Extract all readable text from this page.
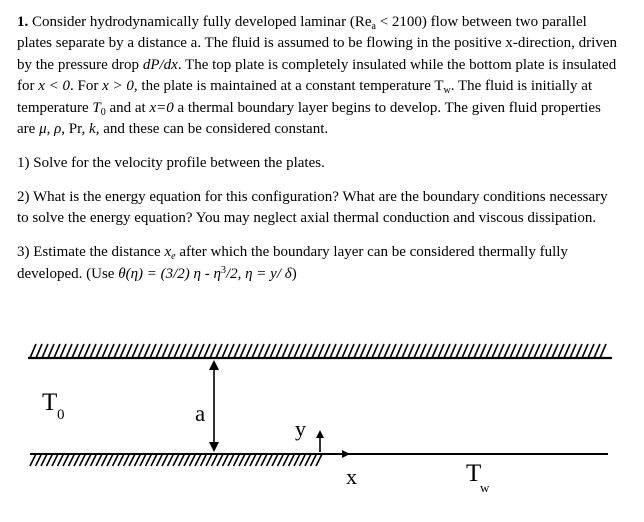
1. Consider hydrodynamically fully developed laminar $(Re_a < 2100)$ flow between two parallel plates separate by a distance a. The fluid is assumed to be flowing in the positive x-direction, driven by the pressure drop dP/dx. The top plate is completely insulated while the bottom plate is insulated for x < 0. For x > 0, the plate is maintained at a constant temperature $T_w$. The fluid is initially at temperature $T_0$ and at x=0 a thermal boundary layer begins to develop. The given fluid properties are μ, ρ, Pr, k, and these can be considered constant.

1) Solve for the velocity profile between the plates.

2) What is the energy equation for this configuration? What are the boundary conditions necessary to solve the energy equation? You may neglect axial thermal conduction and viscous dissipation.

3) Estimate the distance $x_e$ after which the boundary layer can be considered thermally fully developed. (Use θ(η) = (3/2) η - $\eta^3/2$, η = y/ δ)

T 0	a
y
x	T
w
